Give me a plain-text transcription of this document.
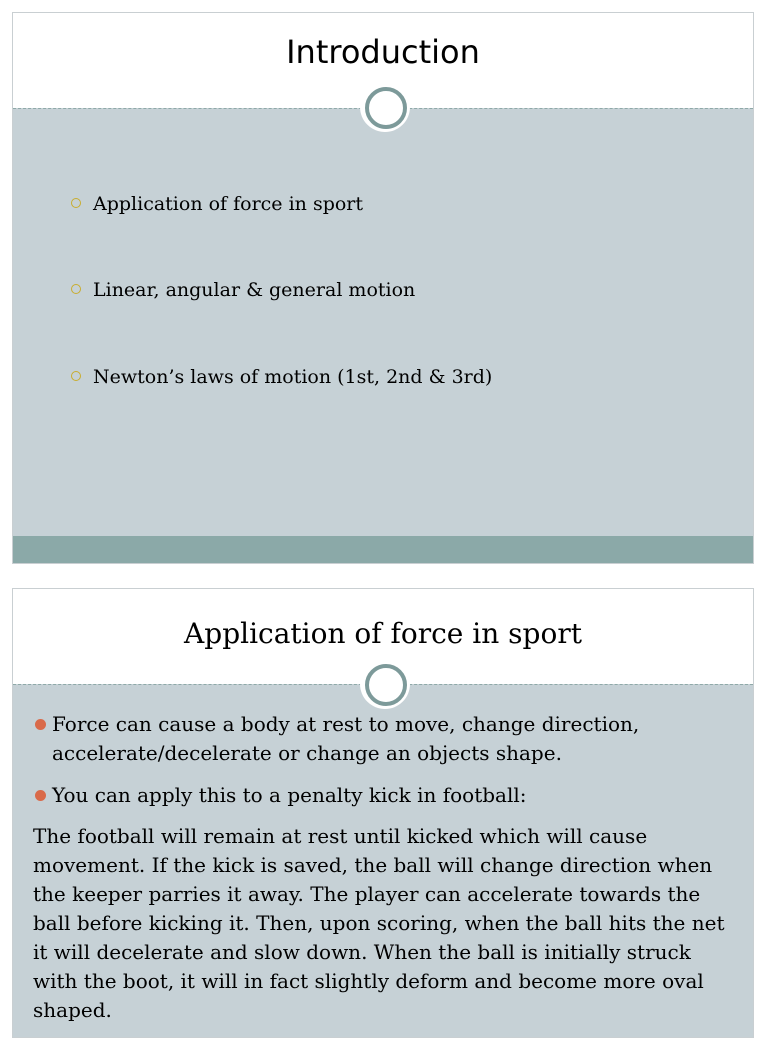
Introduction
Application of force in sport
Linear, angular & general motion
Newton’s laws of motion (1st, 2nd & 3rd)
Application of force in sport
Force can cause a body at rest to move, change direction, accelerate/decelerate or change an objects shape.
You can apply this to a penalty kick in football:
The football will remain at rest until kicked which will cause movement. If the kick is saved, the ball will change direction when the keeper parries it away. The player can accelerate towards the ball before kicking it. Then, upon scoring, when the ball hits the net it will decelerate and slow down. When the ball is initially struck with the boot, it will in fact slightly deform and become more oval shaped.
